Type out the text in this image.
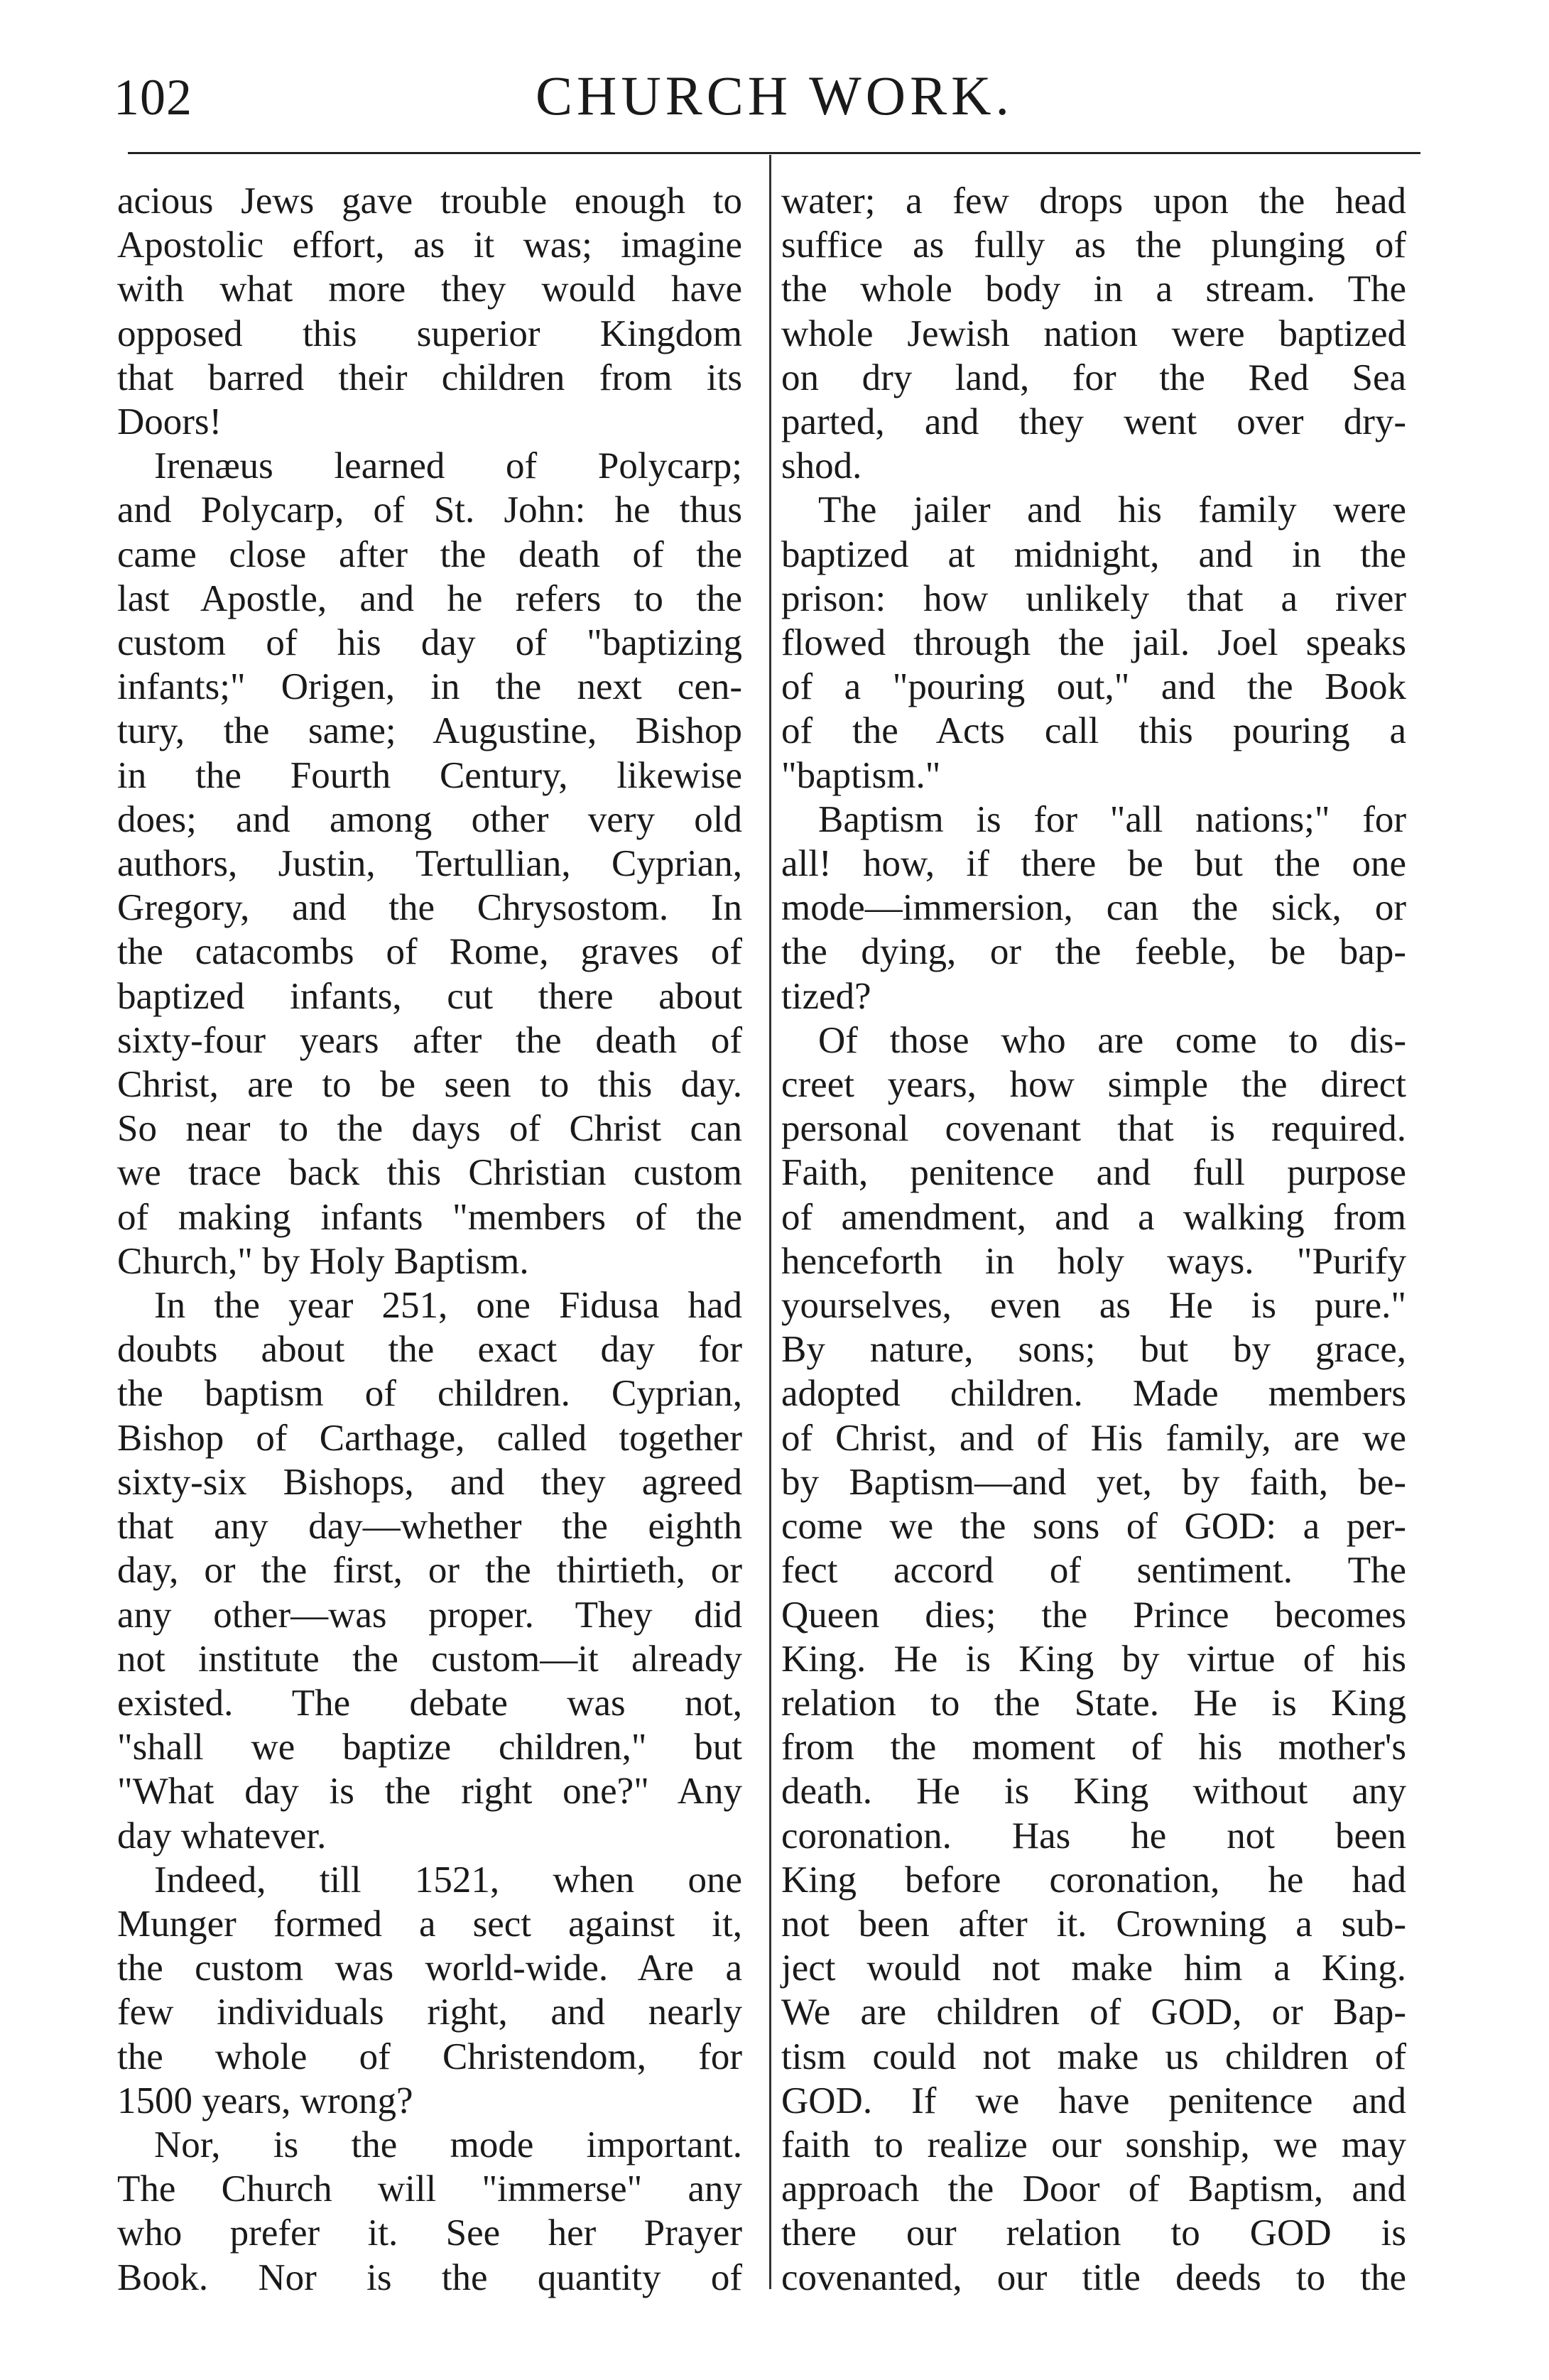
102	CHURCH WORK.
acious Jews gave trouble enough to
Apostolic effort, as it was; imagine
with what more they would have
opposed this superior Kingdom
that barred their children from its
Doors!
Irenæus learned of Polycarp;
and Polycarp, of St. John: he thus
came close after the death of the
last Apostle, and he refers to the
custom of his day of "baptizing
infants;" Origen, in the next cen-
tury, the same; Augustine, Bishop
in the Fourth Century, likewise
does; and among other very old
authors, Justin, Tertullian, Cyprian,
Gregory, and the Chrysostom. In
the catacombs of Rome, graves of
baptized infants, cut there about
sixty-four years after the death of
Christ, are to be seen to this day.
So near to the days of Christ can
we trace back this Christian custom
of making infants "members of the
Church," by Holy Baptism.
In the year 251, one Fidusa had
doubts about the exact day for
the baptism of children. Cyprian,
Bishop of Carthage, called together
sixty-six Bishops, and they agreed
that any day—whether the eighth
day, or the first, or the thirtieth, or
any other—was proper. They did
not institute the custom—it already
existed. The debate was not,
"shall we baptize children," but
"What day is the right one?" Any
day whatever.
Indeed, till 1521, when one
Munger formed a sect against it,
the custom was world-wide. Are a
few individuals right, and nearly
the whole of Christendom, for
1500 years, wrong?
Nor, is the mode important.
The Church will "immerse" any
who prefer it. See her Prayer
Book. Nor is the quantity of
water; a few drops upon the head
suffice as fully as the plunging of
the whole body in a stream. The
whole Jewish nation were baptized
on dry land, for the Red Sea
parted, and they went over dry-
shod.
The jailer and his family were
baptized at midnight, and in the
prison: how unlikely that a river
flowed through the jail. Joel speaks
of a "pouring out," and the Book
of the Acts call this pouring a
"baptism."
Baptism is for "all nations;" for
all! how, if there be but the one
mode—immersion, can the sick, or
the dying, or the feeble, be bap-
tized?
Of those who are come to dis-
creet years, how simple the direct
personal covenant that is required.
Faith, penitence and full purpose
of amendment, and a walking from
henceforth in holy ways. "Purify
yourselves, even as He is pure."
By nature, sons; but by grace,
adopted children. Made members
of Christ, and of His family, are we
by Baptism—and yet, by faith, be-
come we the sons of GOD: a per-
fect accord of sentiment. The
Queen dies; the Prince becomes
King. He is King by virtue of his
relation to the State. He is King
from the moment of his mother's
death. He is King without any
coronation. Has he not been
King before coronation, he had
not been after it. Crowning a sub-
ject would not make him a King.
We are children of GOD, or Bap-
tism could not make us children of
GOD. If we have penitence and
faith to realize our sonship, we may
approach the Door of Baptism, and
there our relation to GOD is
covenanted, our title deeds to the
